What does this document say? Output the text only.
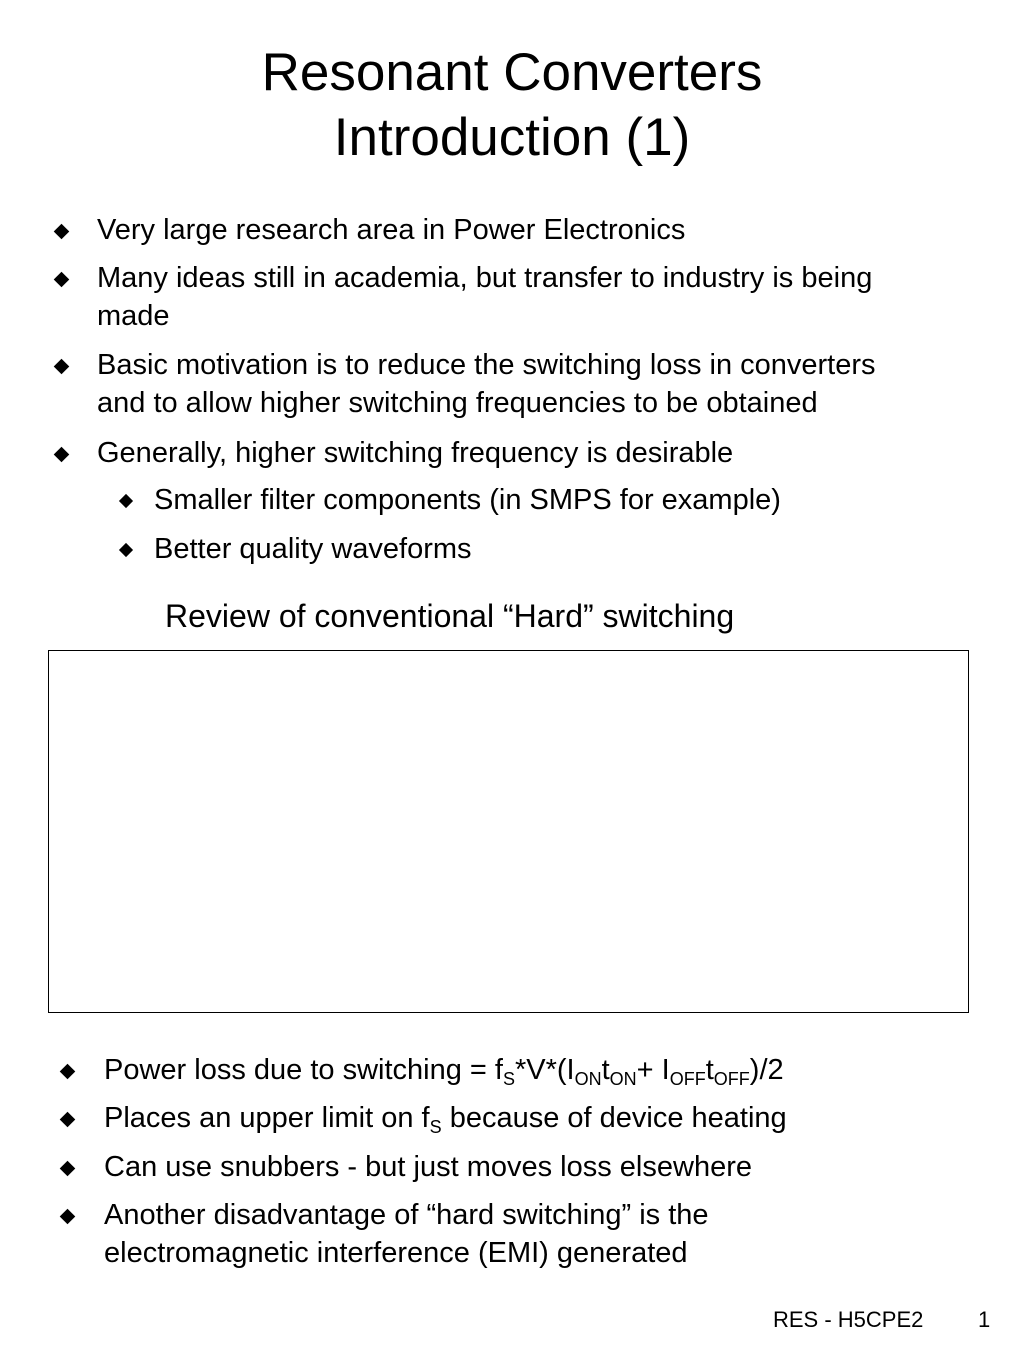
Resonant Converters
Introduction (1)
Very large research area in Power Electronics
Many ideas still in academia, but transfer to industry is being
made
Basic motivation is to reduce the switching loss in converters
and to allow higher switching frequencies to be obtained
Generally, higher switching frequency is desirable
Smaller filter components (in SMPS for example)
Better quality waveforms
Review of conventional “Hard” switching
Power loss due to switching = $f_S*V*(I_{ON}t_{ON}+ I_{OFF}t_{OFF})/2$
Places an upper limit on $f_S$ because of device heating
Can use snubbers - but just moves loss elsewhere
Another disadvantage of “hard switching” is the
electromagnetic interference (EMI) generated
RES - H5CPE2 1
